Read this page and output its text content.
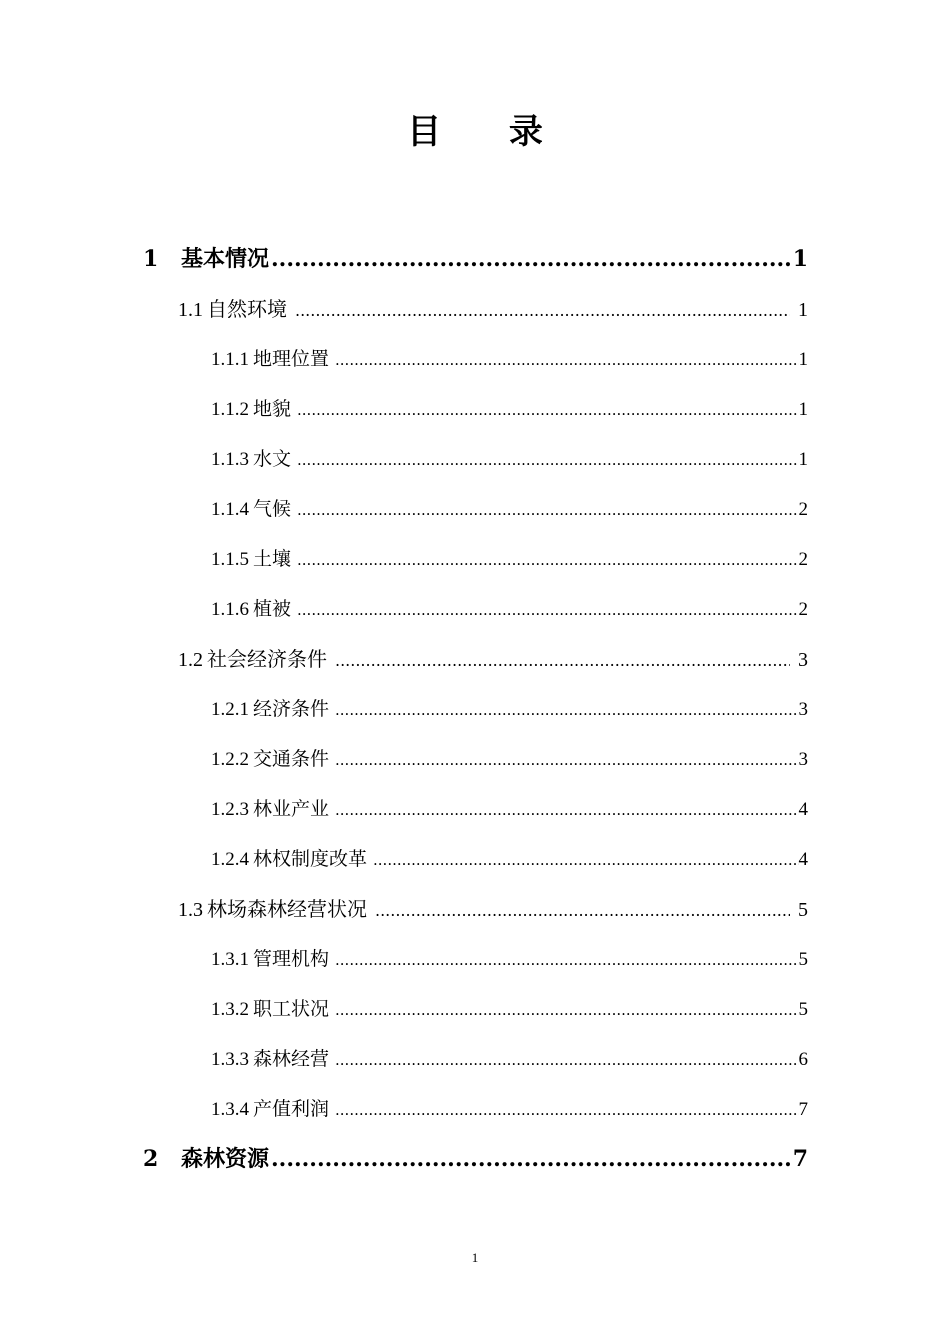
目 录
1	基本情况 .....	1
1.1 自然环境 .....	1
1.1.1 地理位置 .....	1
1.1.2 地貌 .....	1
1.1.3 水文 .....	1
1.1.4 气候 .....	2
1.1.5 土壤 .....	2
1.1.6 植被 .....	2
1.2 社会经济条件 .....	3
1.2.1 经济条件 .....	3
1.2.2 交通条件 .....	3
1.2.3 林业产业 .....	4
1.2.4 林权制度改革 .....	4
1.3 林场森林经营状况 .....	5
1.3.1 管理机构 .....	5
1.3.2 职工状况 .....	5
1.3.3 森林经营 .....	6
1.3.4 产值利润 .....	7
2	森林资源 .....	7
1
